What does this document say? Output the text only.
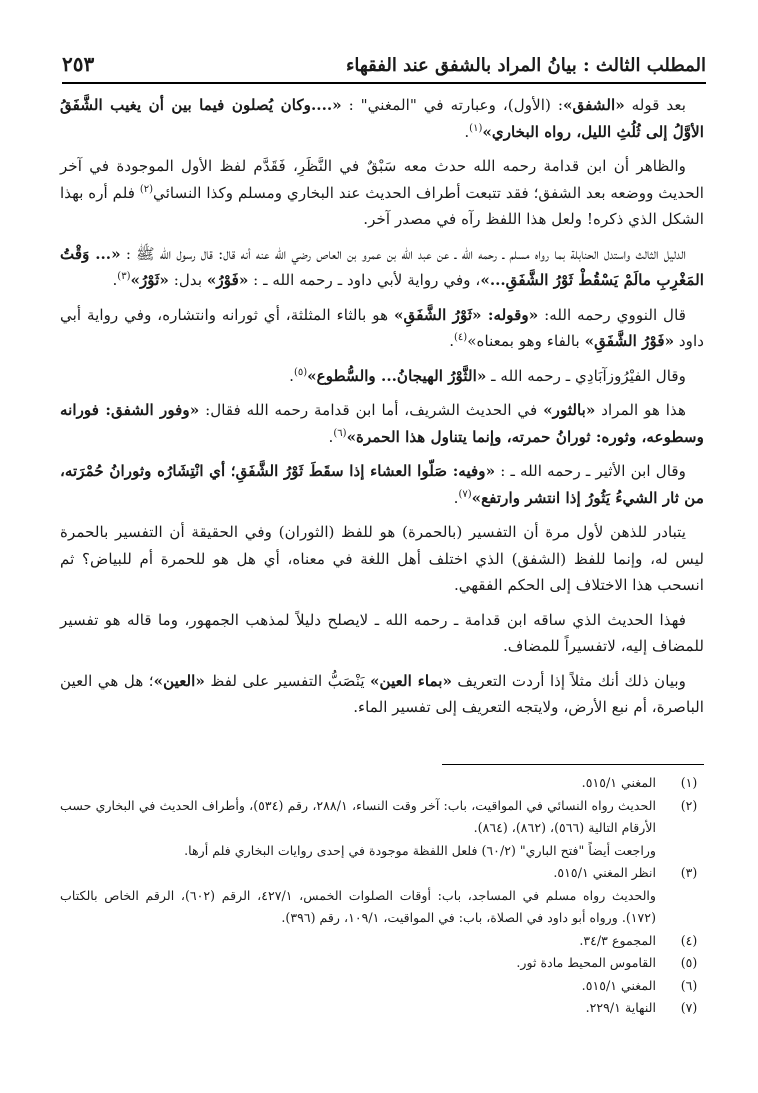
المطلب الثالث : بيانُ المراد بالشفق عند الفقهاء
٢٥٣

بعد قوله «الشفق»: (الأول)، وعبارته في "المغني" : «....وكان يُصلون فيما بين أن يغيب الشَّفَقُ الأوَّلُ إلى ثُلُثِ الليل، رواه البخاري»$^{(١)}$.

والظاهر أن ابن قدامة رحمه الله حدث معه سَبْقٌ في النَّظَرِ، فَقَدَّم لفظ الأول الموجودة في آخر الحديث ووضعه بعد الشفق؛ فقد تتبعت أطراف الحديث عند البخاري ومسلم وكذا النسائي$^{(٢)}$ فلم أره بهذا الشكل الذي ذكره! ولعل هذا اللفظ رآه في مصدر آخر.

الدليل الثالث واستدل الحنابلة بما رواه مسلم ـ رحمه الله ـ عن عبد الله بن عمرو بن العاص رضي الله عنه أنه قال: قال رسول الله ﷺ : «... وَقْتُ المَغْرِبِ مالَمْ يَسْقُطْ ثَوْرُ الشَّفَقِ...»، وفي رواية لأبي داود ـ رحمه الله ـ : «فَوْرُ» بدل: «ثَوْرُ»$^{(٣)}$.

قال النووي رحمه الله: «وقوله: «ثَوْرُ الشَّفَقِ» هو بالثاء المثلثة، أي ثورانه وانتشاره، وفي رواية أبي داود «فَوْرُ الشَّفَقِ» بالفاء وهو بمعناه»$^{(٤)}$.

وقال الفيْرُوزآبَادِي ـ رحمه الله ـ «الثَّوْرُ الهيجانُ... والسُّطوع»$^{(٥)}$.

هذا هو المراد «بالثور» في الحديث الشريف، أما ابن قدامة رحمه الله فقال: «وفور الشفق: فورانه وسطوعه، وثوره: ثورانُ حمرته، وإنما يتناول هذا الحمرة»$^{(٦)}$.

وقال ابن الأثير ـ رحمه الله ـ : «وفيه: صَلّوا العشاء إذا سقَطَ ثَوْرُ الشَّفَقِ؛ أي انْتِشَارُه وثورانُ حُمْرَته، من ثار الشيءُ يَثُورُ إذا انتشر وارتفع»$^{(٧)}$.

يتبادر للذهن لأول مرة أن التفسير (بالحمرة) هو للفظ (الثوران) وفي الحقيقة أن التفسير بالحمرة ليس له، وإنما للفظ (الشفق) الذي اختلف أهل اللغة في معناه، أي هل هو للحمرة أم للبياض؟ ثم انسحب هذا الاختلاف إلى الحكم الفقهي.

فهذا الحديث الذي ساقه ابن قدامة ـ رحمه الله ـ لايصلح دليلاً لمذهب الجمهور، وما قاله هو تفسير للمضاف إليه، لاتفسيراً للمضاف.

وبيان ذلك أنك مثلاً إذا أردت التعريف «بماء العين» يَنْصَبُّ التفسير على لفظ «العين»؛ هل هي العين الباصرة، أم نبع الأرض، ولايتجه التعريف إلى تفسير الماء.

(١)
المغني ٥١٥/١.
(٢)
الحديث رواه النسائي في المواقيت، باب: آخر وقت النساء، ٢٨٨/١، رقم (٥٣٤)، وأطراف الحديث في البخاري حسب الأرقام التالية (٥٦٦)، (٨٦٢)، (٨٦٤).
وراجعت أيضاً "فتح الباري" (٦٠/٢) فلعل اللفظة موجودة في إحدى روايات البخاري فلم أرها.
(٣)
انظر المغني ٥١٥/١.
والحديث رواه مسلم في المساجد، باب: أوقات الصلوات الخمس، ٤٢٧/١، الرقم (٦٠٢)، الرقم الخاص بالكتاب (١٧٢). ورواه أبو داود في الصلاة، باب: في المواقيت، ١٠٩/١، رقم (٣٩٦).
(٤)
المجموع ٣٤/٣.
(٥)
القاموس المحيط مادة ثور.
(٦)
المغني ٥١٥/١.
(٧)
النهاية ٢٢٩/١.
